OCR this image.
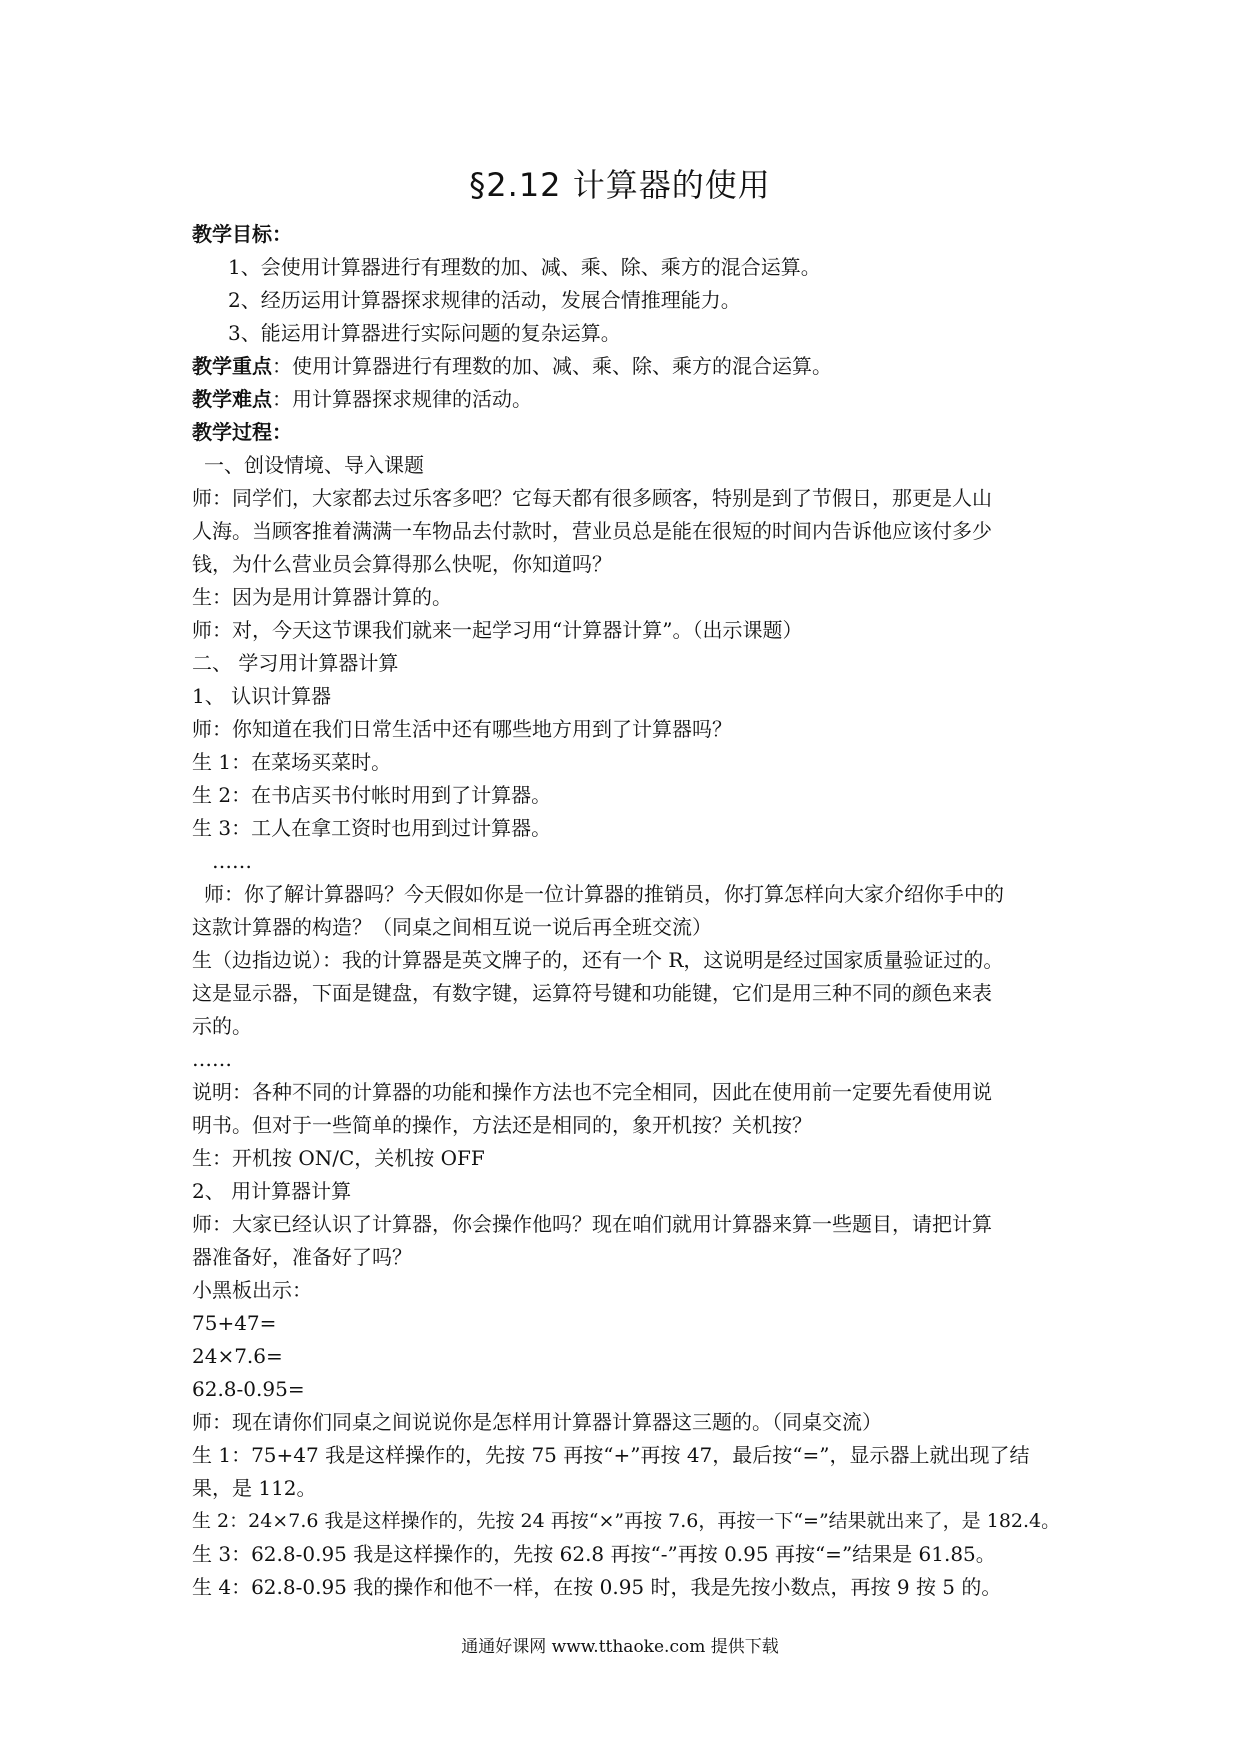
§2.12 计算器的使用
教学目标：
1、会使用计算器进行有理数的加、减、乘、除、乘方的混合运算。
2、经历运用计算器探求规律的活动，发展合情推理能力。
3、能运用计算器进行实际问题的复杂运算。
教学重点：使用计算器进行有理数的加、减、乘、除、乘方的混合运算。
教学难点：用计算器探求规律的活动。
教学过程：
一、创设情境、导入课题
师：同学们，大家都去过乐客多吧？它每天都有很多顾客，特别是到了节假日，那更是人山
人海。当顾客推着满满一车物品去付款时，营业员总是能在很短的时间内告诉他应该付多少
钱，为什么营业员会算得那么快呢，你知道吗？
生：因为是用计算器计算的。
师：对，今天这节课我们就来一起学习用“计算器计算”。（出示课题）
二、 学习用计算器计算
1、 认识计算器
师：你知道在我们日常生活中还有哪些地方用到了计算器吗？
生 1：在菜场买菜时。
生 2：在书店买书付帐时用到了计算器。
生 3：工人在拿工资时也用到过计算器。
……
师：你了解计算器吗？今天假如你是一位计算器的推销员，你打算怎样向大家介绍你手中的
这款计算器的构造？（同桌之间相互说一说后再全班交流）
生（边指边说）：我的计算器是英文牌子的，还有一个 R，这说明是经过国家质量验证过的。
这是显示器，下面是键盘，有数字键，运算符号键和功能键，它们是用三种不同的颜色来表
示的。
……
说明：各种不同的计算器的功能和操作方法也不完全相同，因此在使用前一定要先看使用说
明书。但对于一些简单的操作，方法还是相同的，象开机按？关机按？
生：开机按 ON/C，关机按 OFF
2、 用计算器计算
师：大家已经认识了计算器，你会操作他吗？现在咱们就用计算器来算一些题目，请把计算
器准备好，准备好了吗？
小黑板出示：
75+47=
24×7.6=
62.8-0.95=
师：现在请你们同桌之间说说你是怎样用计算器计算器这三题的。（同桌交流）
生 1：75+47 我是这样操作的，先按 75 再按“+”再按 47，最后按“=”，显示器上就出现了结
果，是 112。
生 2：24×7.6 我是这样操作的，先按 24 再按“×”再按 7.6，再按一下“=”结果就出来了，是 182.4。
生 3：62.8-0.95 我是这样操作的，先按 62.8 再按“-”再按 0.95 再按“=”结果是 61.85。
生 4：62.8-0.95 我的操作和他不一样，在按 0.95 时，我是先按小数点，再按 9 按 5 的。
通通好课网 www.tthaoke.com 提供下载
